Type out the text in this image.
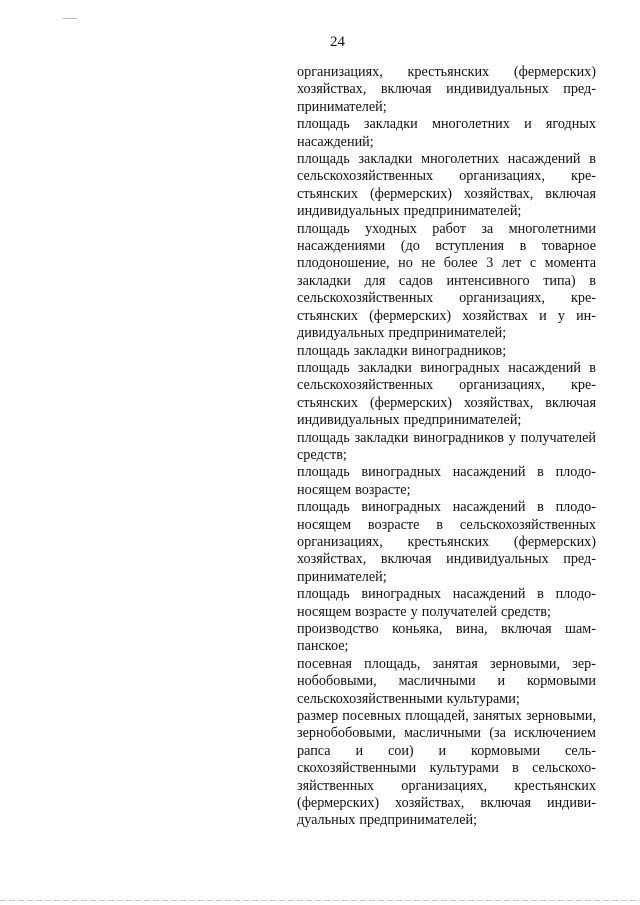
24

организациях, крестьянских (фермерских) хозяйствах, включая индивидуальных предпринимателей;

площадь закладки многолетних и ягодных насаждений;

площадь закладки многолетних насаждений в сельскохозяйственных организациях, крестьянских (фермерских) хозяйствах, включая индивидуальных предпринимателей;

площадь уходных работ за многолетними насаждениями (до вступления в товарное плодоношение, но не более 3 лет с момента закладки для садов интенсивного типа) в сельскохозяйственных организациях, крестьянских (фермерских) хозяйствах и у индивидуальных предпринимателей;

площадь закладки виноградников;

площадь закладки виноградных насаждений в сельскохозяйственных организациях, крестьянских (фермерских) хозяйствах, включая индивидуальных предпринимателей;

площадь закладки виноградников у получателей средств;

площадь виноградных насаждений в плодоносящем возрасте;

площадь виноградных насаждений в плодоносящем возрасте в сельскохозяйственных организациях, крестьянских (фермерских) хозяйствах, включая индивидуальных предпринимателей;

площадь виноградных насаждений в плодоносящем возрасте у получателей средств;

производство коньяка, вина, включая шампанское;

посевная площадь, занятая зерновыми, зернобобовыми, масличными и кормовыми сельскохозяйственными культурами;

размер посевных площадей, занятых зерновыми, зернобобовыми, масличными (за исключением рапса и сои) и кормовыми сельскохозяйственными культурами в сельскохозяйственных организациях, крестьянских (фермерских) хозяйствах, включая индивидуальных предпринимателей;
